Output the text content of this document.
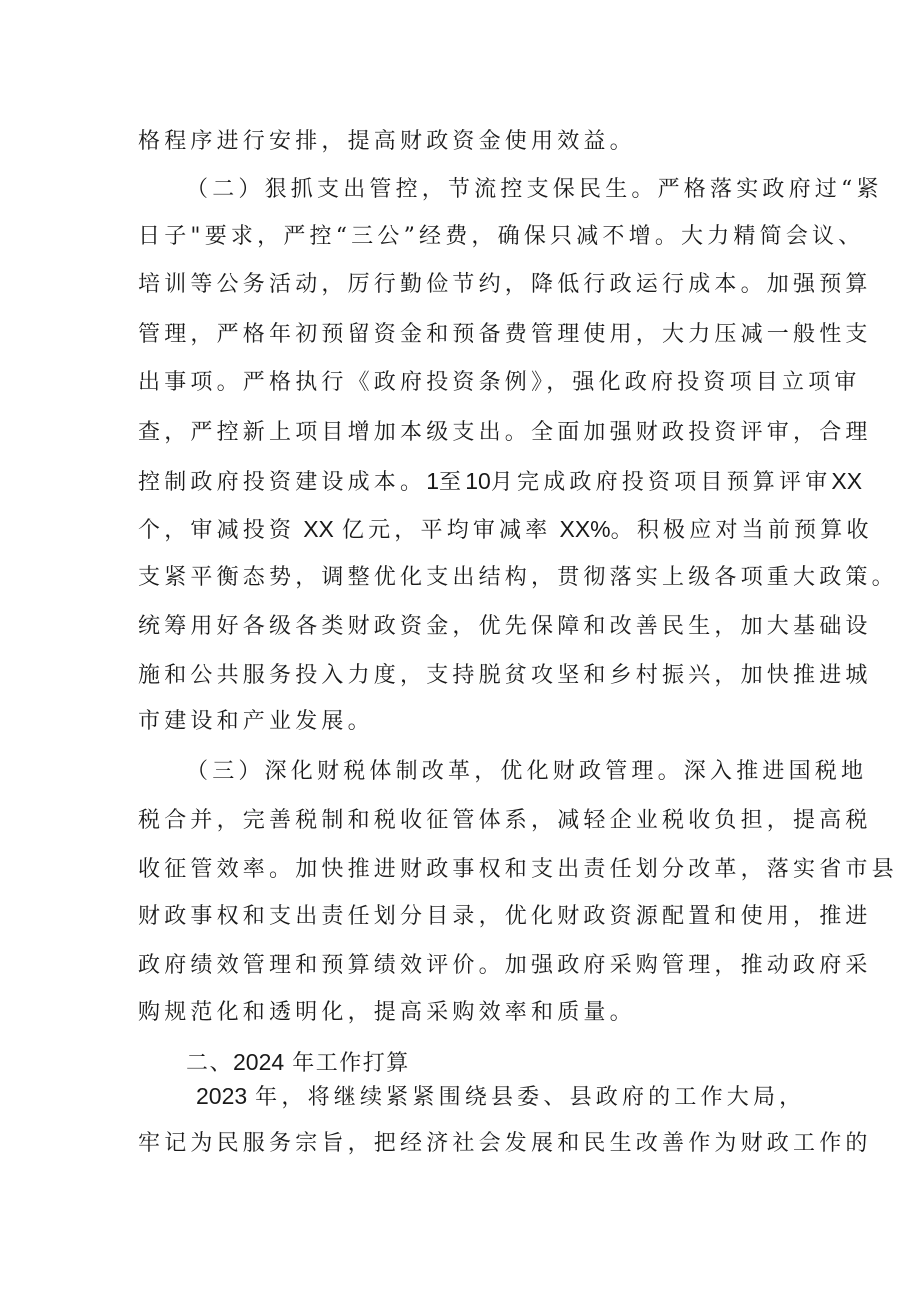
格程序进行安排，提高财政资金使用效益。
（二）狠抓支出管控，节流控支保民生。严格落实政府过“紧
日子"要求，严控“三公”经费，确保只减不增。大力精简会议、
培训等公务活动，厉行勤俭节约，降低行政运行成本。加强预算
管理，严格年初预留资金和预备费管理使用，大力压减一般性支
出事项。严格执行《政府投资条例》，强化政府投资项目立项审
查，严控新上项目增加本级支出。全面加强财政投资评审，合理
控制政府投资建设成本。1至10月完成政府投资项目预算评审XX
个，审减投资 XX 亿元，平均审减率 XX%。积极应对当前预算收
支紧平衡态势，调整优化支出结构，贯彻落实上级各项重大政策。
统筹用好各级各类财政资金，优先保障和改善民生，加大基础设
施和公共服务投入力度，支持脱贫攻坚和乡村振兴，加快推进城
市建设和产业发展。
（三）深化财税体制改革，优化财政管理。深入推进国税地
税合并，完善税制和税收征管体系，减轻企业税收负担，提高税
收征管效率。加快推进财政事权和支出责任划分改革，落实省市县
财政事权和支出责任划分目录，优化财政资源配置和使用，推进
政府绩效管理和预算绩效评价。加强政府采购管理，推动政府采
购规范化和透明化，提高采购效率和质量。
二、2024 年工作打算
2023 年，将继续紧紧围绕县委、县政府的工作大局，
牢记为民服务宗旨，把经济社会发展和民生改善作为财政工作的
